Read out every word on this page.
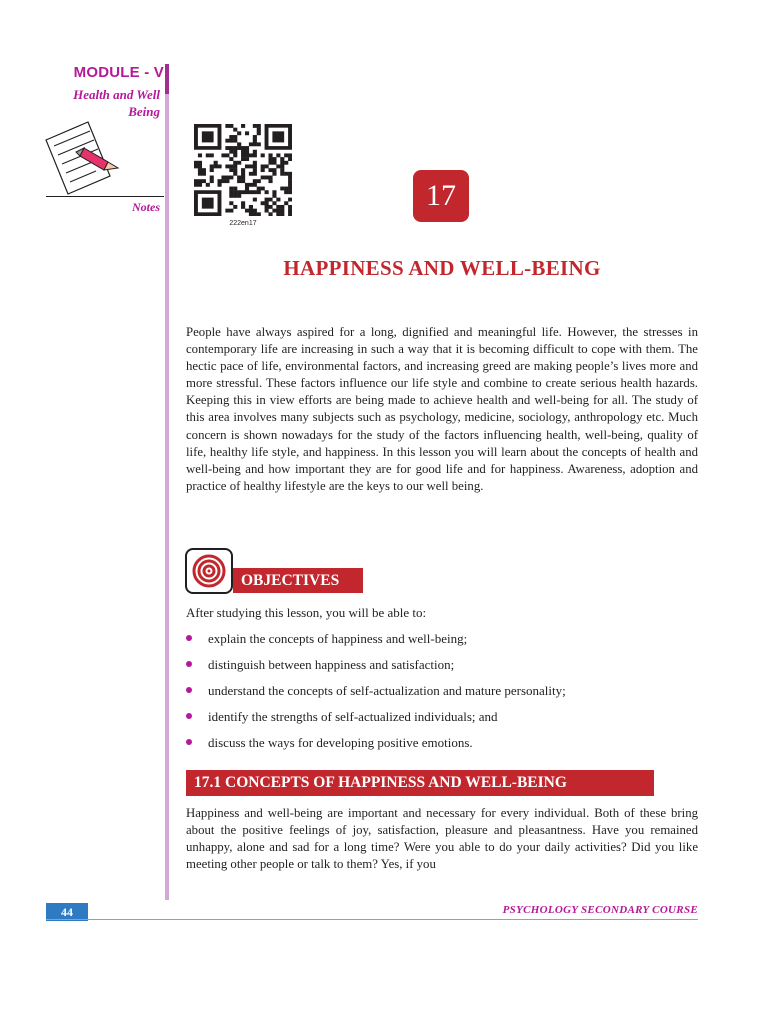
MODULE - V
Health and Well
Being
Notes
222en17
17
HAPPINESS AND WELL-BEING

People have always aspired for a long, dignified and meaningful life. However, the stresses in contemporary life are increasing in such a way that it is becoming difficult to cope with them. The hectic pace of life, environmental factors, and increasing greed are making people’s lives more and more stressful. These factors influence our life style and combine to create serious health hazards. Keeping this in view efforts are being made to achieve health and well-being for all. The study of this area involves many subjects such as psychology, medicine, sociology, anthropology etc. Much concern is shown nowadays for the study of the factors influencing health, well-being, quality of life, healthy life style, and happiness. In this lesson you will learn about the concepts of health and well-being and how important they are for good life and for happiness. Awareness, adoption and practice of healthy lifestyle are the keys to our well being.

OBJECTIVES

After studying this lesson, you will be able to:

explain the concepts of happiness and well-being;
distinguish between happiness and satisfaction;
understand the concepts of self-actualization and mature personality;
identify the strengths of self-actualized individuals; and
discuss the ways for developing positive emotions.
17.1 CONCEPTS OF HAPPINESS AND WELL-BEING

Happiness and well-being are important and necessary for every individual. Both of these bring about the positive feelings of joy, satisfaction, pleasure and pleasantness. Have you remained unhappy, alone and sad for a long time? Were you able to do your daily activities? Did you like meeting other people or talk to them? Yes, if you

44	PSYCHOLOGY SECONDARY COURSE
